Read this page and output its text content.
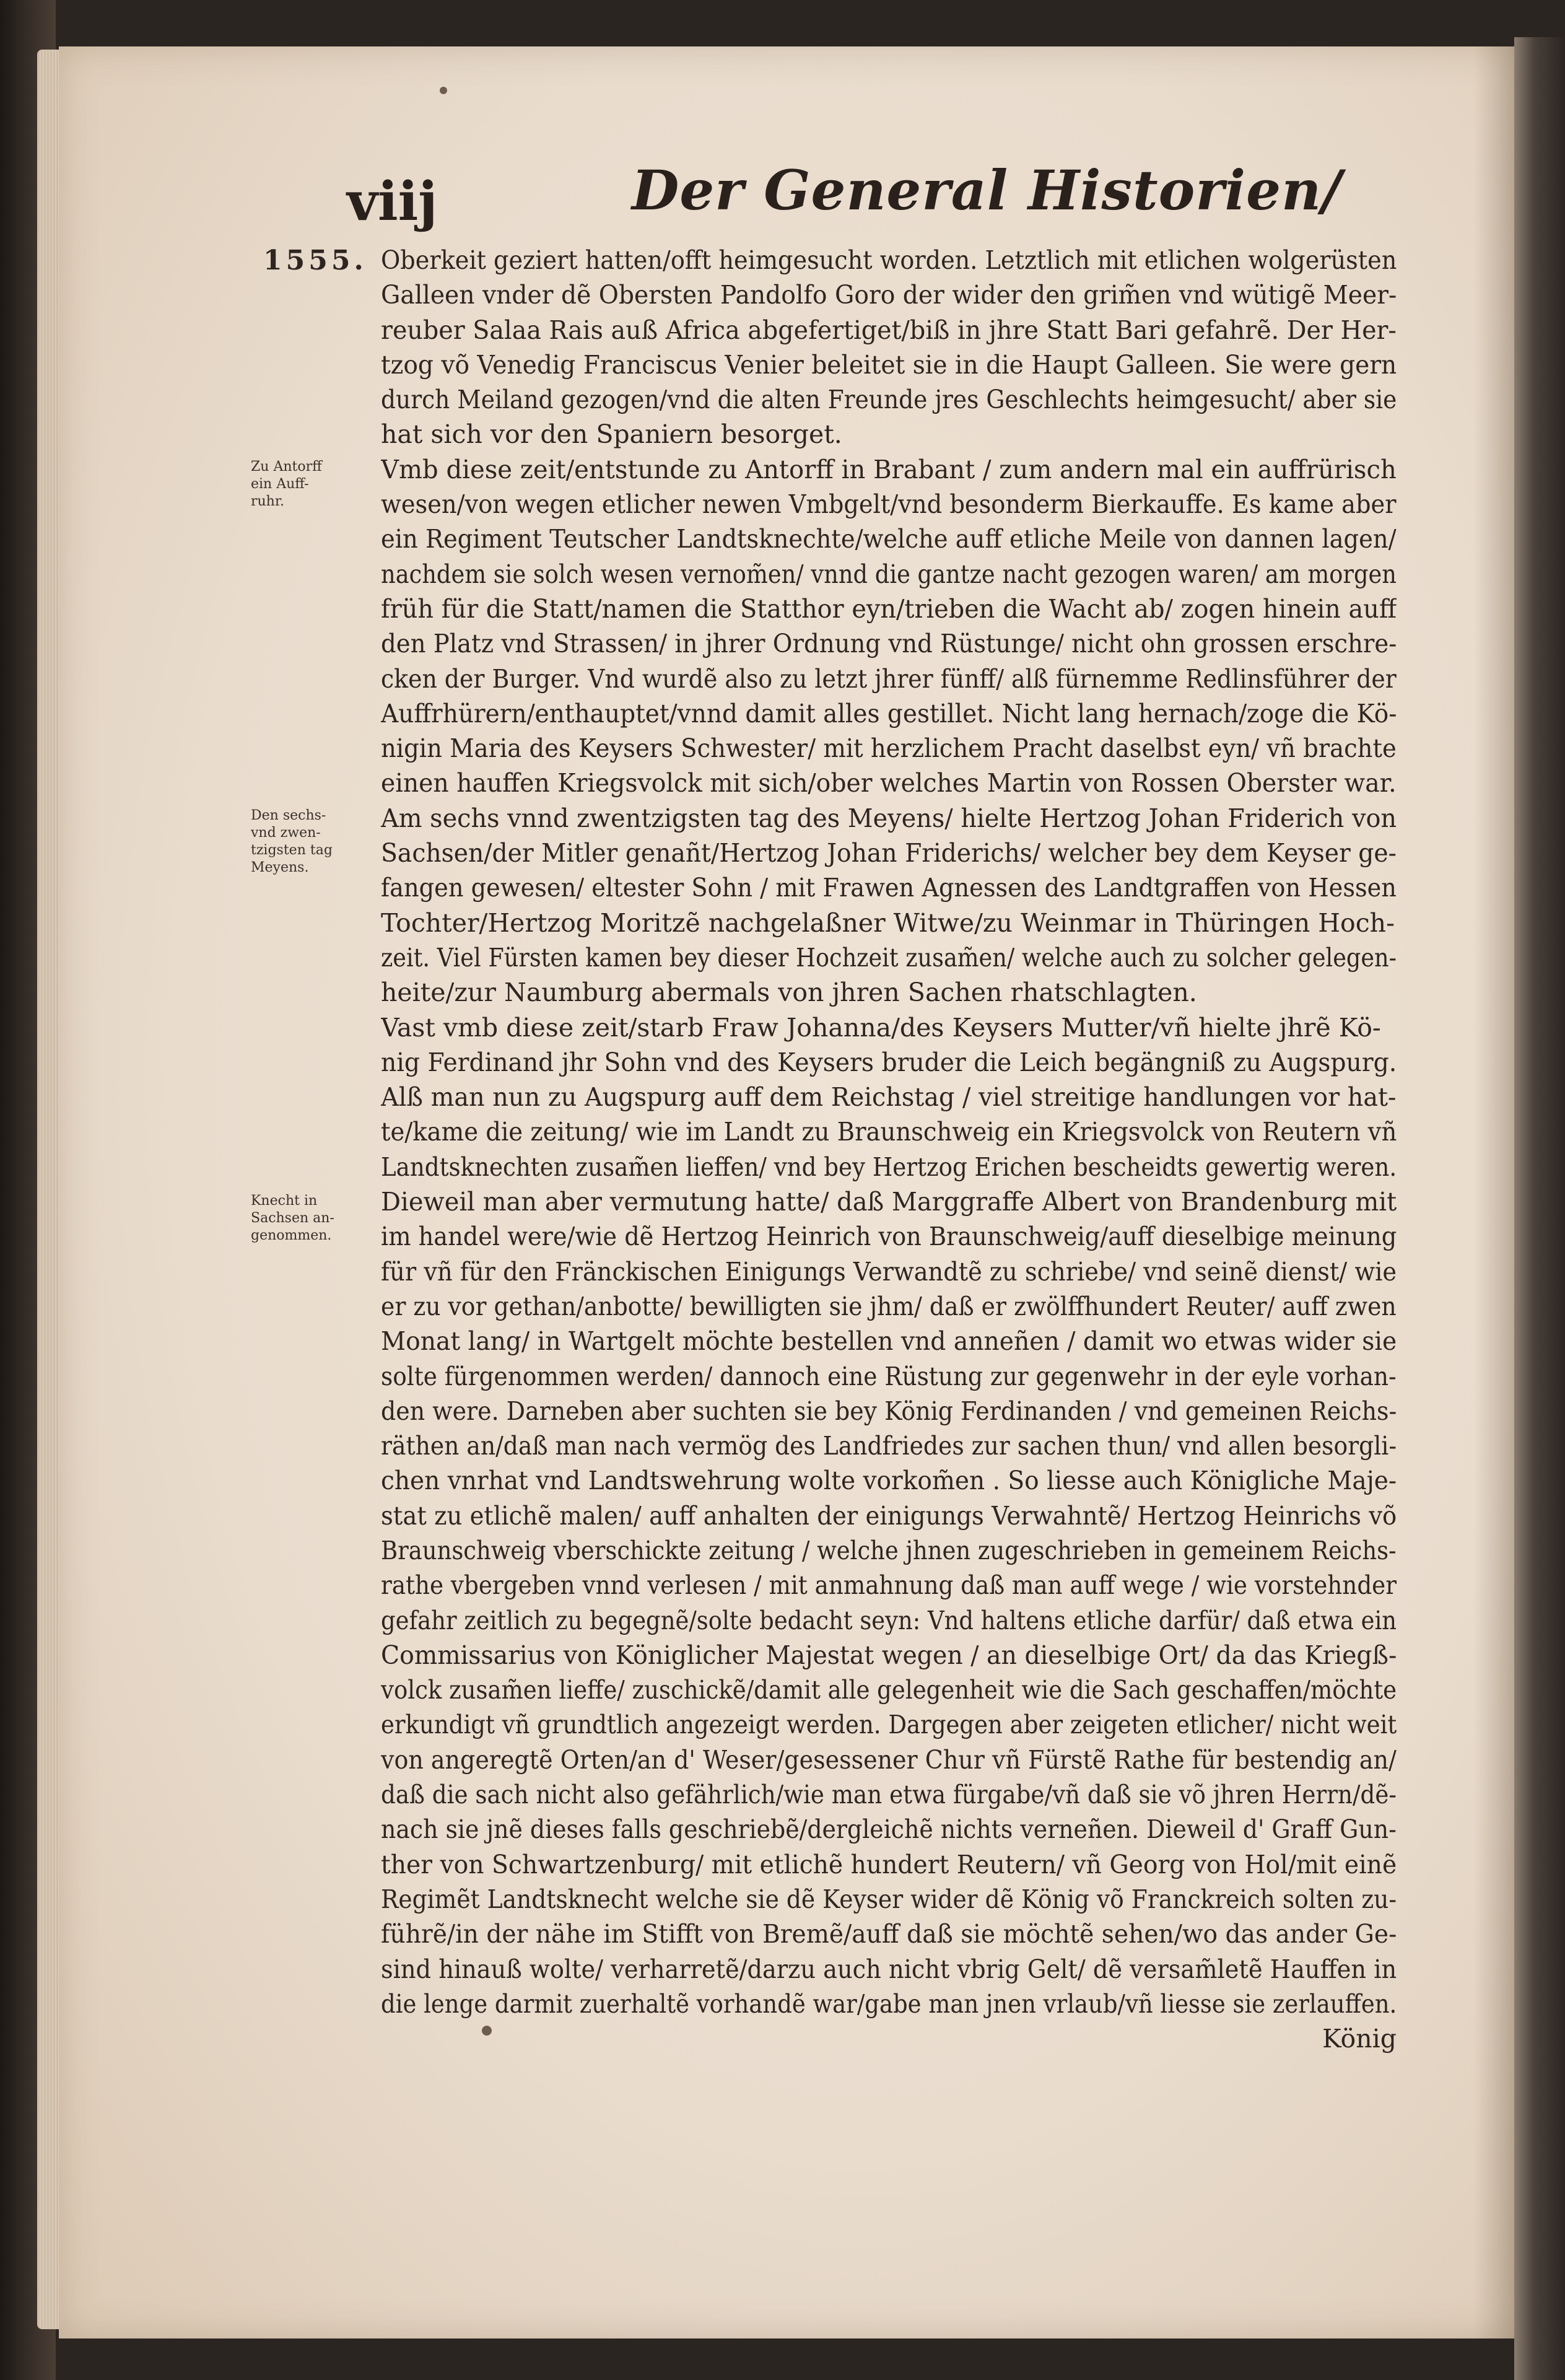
viij	Der General Historien/
1555.
Zu Antorff
ein Auff-
ruhr.
Den sechs-
vnd zwen-
tzigsten tag
Meyens.
Knecht in
Sachsen an-
genommen.
Oberkeit geziert hatten/offt heimgesucht worden. Letztlich mit etlichen wolgerüsten
Galleen vnder dẽ Obersten Pandolfo Goro der wider den grim̃en vnd wütigẽ Meer-
reuber Salaa Rais auß Africa abgefertiget/biß in jhre Statt Bari gefahrẽ. Der Her-
tzog võ Venedig Franciscus Venier beleitet sie in die Haupt Galleen. Sie were gern
durch Meiland gezogen/vnd die alten Freunde jres Geschlechts heimgesucht/ aber sie
hat sich vor den Spaniern besorget.
Vmb diese zeit/entstunde zu Antorff in Brabant / zum andern mal ein auffrürisch
wesen/von wegen etlicher newen Vmbgelt/vnd besonderm Bierkauffe. Es kame aber
ein Regiment Teutscher Landtsknechte/welche auff etliche Meile von dannen lagen/
nachdem sie solch wesen vernom̃en/ vnnd die gantze nacht gezogen waren/ am morgen
früh für die Statt/namen die Statthor eyn/trieben die Wacht ab/ zogen hinein auff
den Platz vnd Strassen/ in jhrer Ordnung vnd Rüstunge/ nicht ohn grossen erschre-
cken der Burger. Vnd wurdẽ also zu letzt jhrer fünff/ alß fürnemme Redlinsführer der
Auffrhürern/enthauptet/vnnd damit alles gestillet. Nicht lang hernach/zoge die Kö-
nigin Maria des Keysers Schwester/ mit herzlichem Pracht daselbst eyn/ vñ brachte
einen hauffen Kriegsvolck mit sich/ober welches Martin von Rossen Oberster war.
Am sechs vnnd zwentzigsten tag des Meyens/ hielte Hertzog Johan Friderich von
Sachsen/der Mitler genañt/Hertzog Johan Friderichs/ welcher bey dem Keyser ge-
fangen gewesen/ eltester Sohn / mit Frawen Agnessen des Landtgraffen von Hessen
Tochter/Hertzog Moritzẽ nachgelaßner Witwe/zu Weinmar in Thüringen Hoch-
zeit. Viel Fürsten kamen bey dieser Hochzeit zusam̃en/ welche auch zu solcher gelegen-
heite/zur Naumburg abermals von jhren Sachen rhatschlagten.
Vast vmb diese zeit/starb Fraw Johanna/des Keysers Mutter/vñ hielte jhrẽ Kö-
nig Ferdinand jhr Sohn vnd des Keysers bruder die Leich begängniß zu Augspurg.
Alß man nun zu Augspurg auff dem Reichstag / viel streitige handlungen vor hat-
te/kame die zeitung/ wie im Landt zu Braunschweig ein Kriegsvolck von Reutern vñ
Landtsknechten zusam̃en lieffen/ vnd bey Hertzog Erichen bescheidts gewertig weren.
Dieweil man aber vermutung hatte/ daß Marggraffe Albert von Brandenburg mit
im handel were/wie dẽ Hertzog Heinrich von Braunschweig/auff dieselbige meinung
für vñ für den Fränckischen Einigungs Verwandtẽ zu schriebe/ vnd seinẽ dienst/ wie
er zu vor gethan/anbotte/ bewilligten sie jhm/ daß er zwölffhundert Reuter/ auff zwen
Monat lang/ in Wartgelt möchte bestellen vnd anneñen / damit wo etwas wider sie
solte fürgenommen werden/ dannoch eine Rüstung zur gegenwehr in der eyle vorhan-
den were. Darneben aber suchten sie bey König Ferdinanden / vnd gemeinen Reichs-
räthen an/daß man nach vermög des Landfriedes zur sachen thun/ vnd allen besorgli-
chen vnrhat vnd Landtswehrung wolte vorkom̃en . So liesse auch Königliche Maje-
stat zu etlichẽ malen/ auff anhalten der einigungs Verwahntẽ/ Hertzog Heinrichs võ
Braunschweig vberschickte zeitung / welche jhnen zugeschrieben in gemeinem Reichs-
rathe vbergeben vnnd verlesen / mit anmahnung daß man auff wege / wie vorstehnder
gefahr zeitlich zu begegnẽ/solte bedacht seyn: Vnd haltens etliche darfür/ daß etwa ein
Commissarius von Königlicher Majestat wegen / an dieselbige Ort/ da das Kriegß-
volck zusam̃en lieffe/ zuschickẽ/damit alle gelegenheit wie die Sach geschaffen/möchte
erkundigt vñ grundtlich angezeigt werden. Dargegen aber zeigeten etlicher/ nicht weit
von angeregtẽ Orten/an d' Weser/gesessener Chur vñ Fürstẽ Rathe für bestendig an/
daß die sach nicht also gefährlich/wie man etwa fürgabe/vñ daß sie võ jhren Herrn/dẽ-
nach sie jnẽ dieses falls geschriebẽ/dergleichẽ nichts verneñen. Dieweil d' Graff Gun-
ther von Schwartzenburg/ mit etlichẽ hundert Reutern/ vñ Georg von Hol/mit einẽ
Regimẽt Landtsknecht welche sie dẽ Keyser wider dẽ König võ Franckreich solten zu-
führẽ/in der nähe im Stifft von Bremẽ/auff daß sie möchtẽ sehen/wo das ander Ge-
sind hinauß wolte/ verharretẽ/darzu auch nicht vbrig Gelt/ dẽ versam̃letẽ Hauffen in
die lenge darmit zuerhaltẽ vorhandẽ war/gabe man jnen vrlaub/vñ liesse sie zerlauffen.
König
